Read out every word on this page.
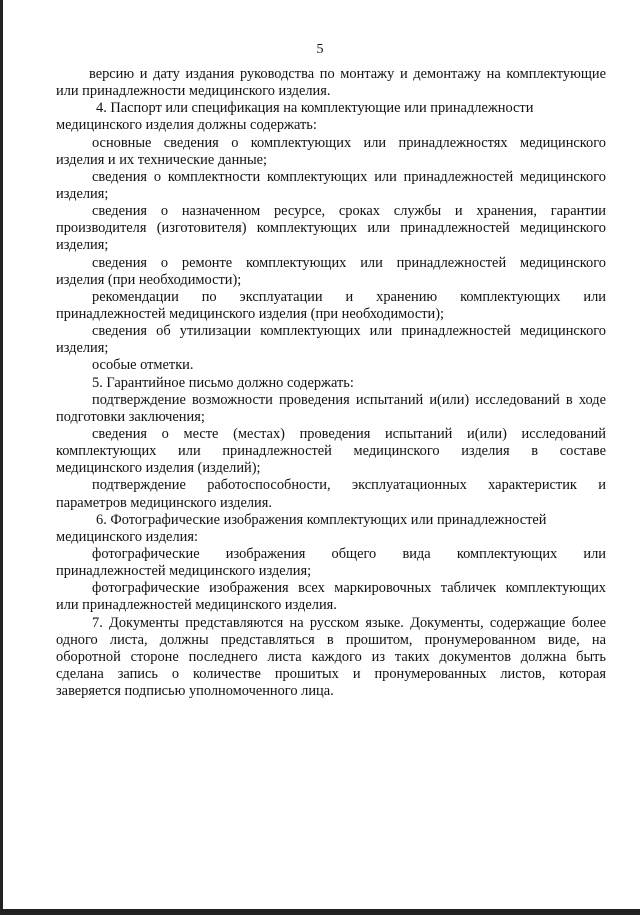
5
версию и дату издания руководства по монтажу и демонтажу на комплектующие
или принадлежности медицинского изделия.
4. Паспорт или спецификация на комплектующие или принадлежности
медицинского изделия должны содержать:
основные сведения о комплектующих или принадлежностях медицинского
изделия и их технические данные;
сведения о комплектности комплектующих или принадлежностей медицинского
изделия;
сведения о назначенном ресурсе, сроках службы и хранения, гарантии
производителя (изготовителя) комплектующих или принадлежностей медицинского
изделия;
сведения о ремонте комплектующих или принадлежностей медицинского
изделия (при необходимости);
рекомендации по эксплуатации и хранению комплектующих или
принадлежностей медицинского изделия (при необходимости);
сведения об утилизации комплектующих или принадлежностей медицинского
изделия;
особые отметки.
5. Гарантийное письмо должно содержать:
подтверждение возможности проведения испытаний и(или) исследований в ходе
подготовки заключения;
сведения о месте (местах) проведения испытаний и(или) исследований
комплектующих или принадлежностей медицинского изделия в составе
медицинского изделия (изделий);
подтверждение работоспособности, эксплуатационных характеристик и
параметров медицинского изделия.
6. Фотографические изображения комплектующих или принадлежностей
медицинского изделия:
фотографические изображения общего вида комплектующих или
принадлежностей медицинского изделия;
фотографические изображения всех маркировочных табличек комплектующих
или принадлежностей медицинского изделия.
7. Документы представляются на русском языке. Документы, содержащие более
одного листа, должны представляться в прошитом, пронумерованном виде, на
оборотной стороне последнего листа каждого из таких документов должна быть
сделана запись о количестве прошитых и пронумерованных листов, которая
заверяется подписью уполномоченного лица.
